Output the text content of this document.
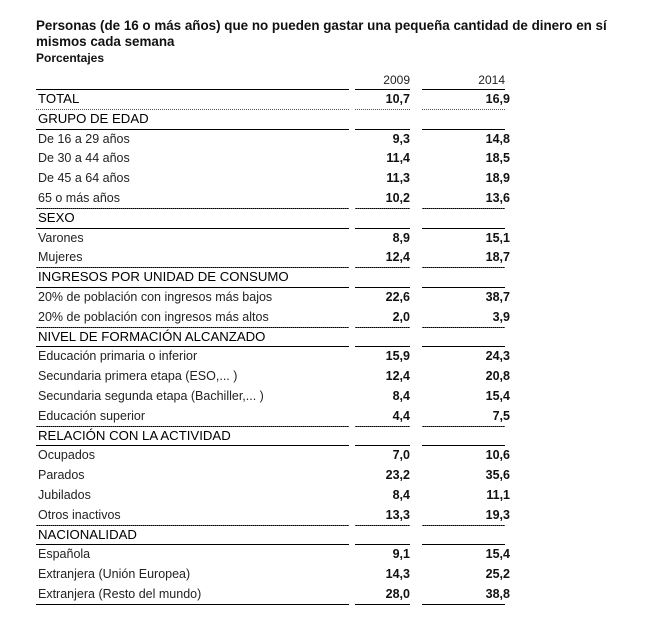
Personas (de 16 o más años) que no pueden gastar una pequeña cantidad de dinero en sí mismos cada semana
Porcentajes
2009	2014
TOTAL	10,7	16,9
GRUPO DE EDAD
De 16 a 29 años	9,3	14,8
De 30 a 44 años	11,4	18,5
De 45 a 64 años	11,3	18,9
65 o más años	10,2	13,6
SEXO
Varones	8,9	15,1
Mujeres	12,4	18,7
INGRESOS POR UNIDAD DE CONSUMO
20% de población con ingresos más bajos	22,6	38,7
20% de población con ingresos más altos	2,0	3,9
NIVEL DE FORMACIÓN ALCANZADO
Educación primaria o inferior	15,9	24,3
Secundaria primera etapa (ESO,... )	12,4	20,8
Secundaria segunda etapa (Bachiller,... )	8,4	15,4
Educación superior	4,4	7,5
RELACIÓN CON LA ACTIVIDAD
Ocupados	7,0	10,6
Parados	23,2	35,6
Jubilados	8,4	11,1
Otros inactivos	13,3	19,3
NACIONALIDAD
Española	9,1	15,4
Extranjera (Unión Europea)	14,3	25,2
Extranjera (Resto del mundo)	28,0	38,8
